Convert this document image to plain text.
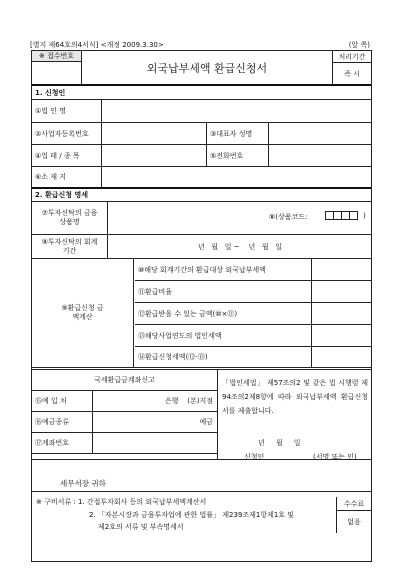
[별지 제64호의4서식] <개정 2009.3.30>	(앞 쪽)
※ 접수번호
외국납부세액 환급신청서
처리기간
즉 시
1. 신청인
①법 인 명
②사업자등록번호	③대표자 성명
④업 태 / 종 목	⑤전화번호
⑥소 재 지
2. 환급신청 명세
⑦투자신탁의 금융상품명
⑧(상품코드:	)
⑨투자신탁의 회계기간	년   월   일 ~    년   월   일
⑨환급신청 금액계산
⑩해당 회계기간의 환급대상 외국납부세액
⑪환급비율
⑫환급받을 수 있는 금액(⑩×⑪)
⑬해당사업연도의 법인세액
⑭환급신청세액(⑫-⑬)
국세환급금계좌신고
⑮예 입 처	은행    (본)지점
⑯예금종류	예금
⑰계좌번호
「법인세법」 제57조의2 및 같은 법 시행령 제94조의2제8항에 따라 외국납부세액 환급신청서를 제출합니다.
년     월     일
신청인	(서명 또는 인)
세무서장 귀하
※ 구비서류 : 1. 간접투자회사 등의 외국납부세액계산서
2. 「자본시장과 금융투자업에 관한 법률」 제239조제1항제1호 및
제2호의 서류 및 부속명세서
수수료
없음
